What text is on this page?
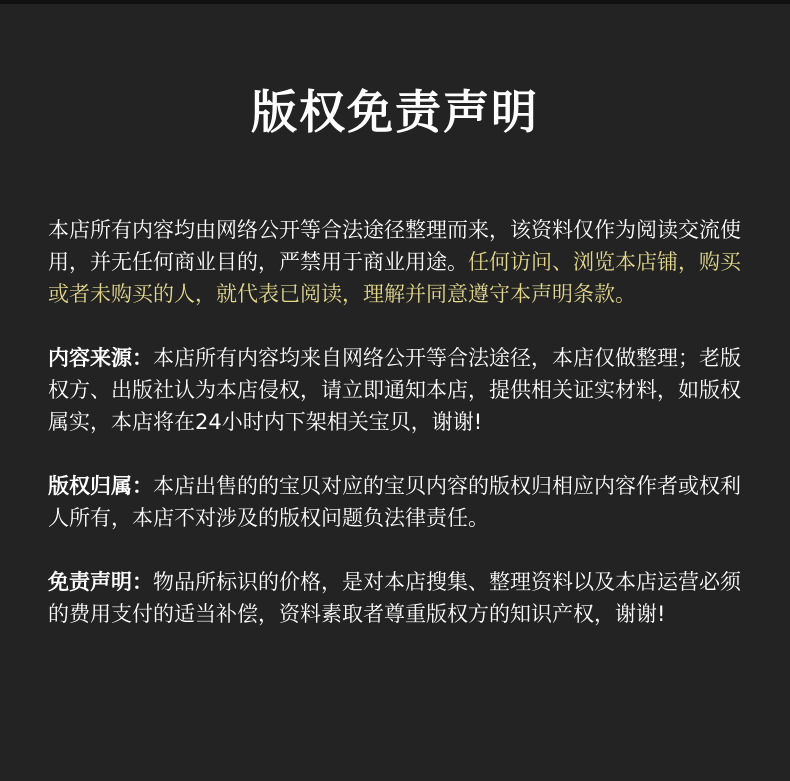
版权免责声明

本店所有内容均由网络公开等合法途径整理而来，该资料仅作为阅读交流使用，并无任何商业目的，严禁用于商业用途。任何访问、浏览本店铺，购买或者未购买的人，就代表已阅读，理解并同意遵守本声明条款。

内容来源：本店所有内容均来自网络公开等合法途径，本店仅做整理；老版权方、出版社认为本店侵权，请立即通知本店，提供相关证实材料，如版权属实，本店将在24小时内下架相关宝贝，谢谢!

版权归属：本店出售的的宝贝对应的宝贝内容的版权归相应内容作者或权利人所有，本店不对涉及的版权问题负法律责任。

免责声明：物品所标识的价格，是对本店搜集、整理资料以及本店运营必须的费用支付的适当补偿，资料素取者尊重版权方的知识产权，谢谢!
